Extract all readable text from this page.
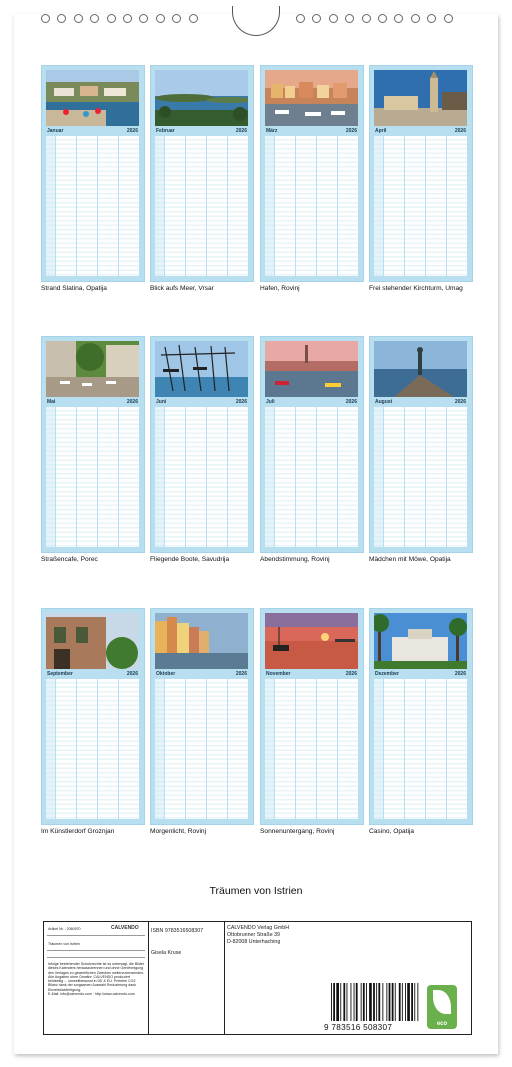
Januar	2026
Strand Slatina, Opatija
Februar	2026
Blick aufs Meer, Vrsar
März	2026
Hafen, Rovinj
April	2026
Frei stehender Kirchturm, Umag
Mai	2026
Straßencafe, Porec
Juni	2026
Fliegende Boote, Savudrija
Juli	2026
Abendstimmung, Rovinj
August	2026
Mädchen mit Möwe, Opatija
September	2026
Im Künstlerdorf Groznjan
Oktober	2026
Morgenlicht, Rovinj
November	2026
Sonnenuntergang, Rovinj
Dezember	2026
Casino, Opatija
Träumen von Istrien
Artikel Nr. : 2060970	CALVENDO
Träumen von Istrien
Infolge bestehender Schutzrechte ist es untersagt, die Bilder dieses Kalenders herauszutrennen und ohne Genehmigung des Verlages zu gewerblichen Zwecken weiterzuverwenden. Alle Angaben ohne Gewähr. CALVENDO produziert beidseitig ... umweltbewusst in DE & EU. Preisfrei CO2 Bilanz dank der sorgsamen Auswahl Reduzierung dank Einzelstückfertigung.
E-Mail: info@calvendo.com · http://www.calvendo.com
ISBN 9783516508307
Gisela Kruse
CALVENDO Verlag GmbH
Ottobrunner Straße 39
D-82008 Unterhaching
9 783516 508307	eco
